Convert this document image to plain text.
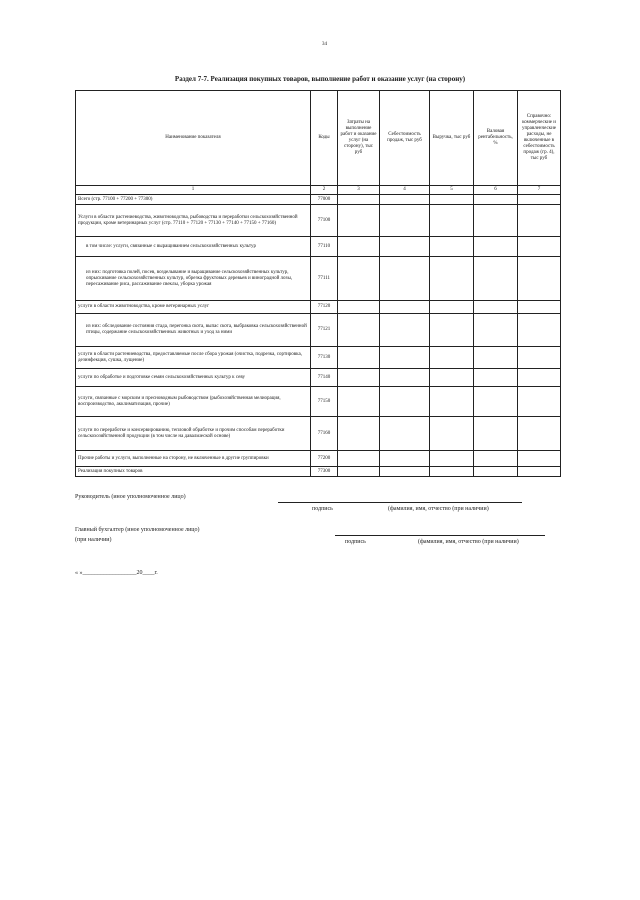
34
Раздел 7-7. Реализация покупных товаров, выполнение работ и оказание услуг (на сторону)
Наименование показателя	Коды	Затраты на выполнение работ и оказание услуг (на сторону), тыс руб	Себестоимость продаж, тыс руб	Выручка, тыс руб	Валовая рентабельность, %	Справочно: коммерческие и управленческие расходы, не включенные в себестоимость продаж (гр. 4), тыс руб
1	2	3	4	5	6	7
Всего (стр. 77100 + 77200 + 77300)	77000					
Услуги в области растениеводства, животноводства, рыбоводства и переработки сельскохозяйственной продукции, кроме ветеринарных услуг (стр. 77110 + 77120 + 77130 + 77140 + 77150 + 77160)	77100					
в том числе: услуги, связанные с выращиванием сельскохозяйственных культур	77110					
из них: подготовка полей, посев, возделывание и выращивание сельскохозяйственных культур, опрыскивание сельскохозяйственных культур, обрезка фруктовых деревьев и виноградной лозы, пересаживание риса, рассаживание свеклы, уборка урожая	77111					
услуги в области животноводства, кроме ветеринарных услуг	77120					
из них: обследование состояния стада, перегонка скота, выпас скота, выбраковка сельскохозяйственной птицы, содержание сельскохозяйственных животных и уход за ними	77121					
услуги в области растениеводства, предоставляемые после сбора урожая (очистка, подрезка, сортировка, дезинфекция, сушка, лущение)	77130					
услуги по обработке и подготовке семян сельскохозяйственных культур к севу	77140					
услуги, связанные с морским и пресноводным рыбоводством (рыбохозяйственная мелиорация, воспроизводство, акклиматизация, прочие)	77150					
услуги по переработке и консервированию, тепловой обработке и прочим способам переработки сельскохозяйственной продукции (в том числе на давальческой основе)	77160					
Прочие работы и услуги, выполненные на сторону, не включенные в другие группировки	77200					
Реализация покупных товаров	77300					
Руководитель (иное уполномоченное лицо)
подпись	(фамилия, имя, отчество (при наличии)
Главный бухгалтер (иное уполномоченное лицо)
(при наличии)	подпись	(фамилия, имя, отчество (при наличии)
« »__________________20____г.
